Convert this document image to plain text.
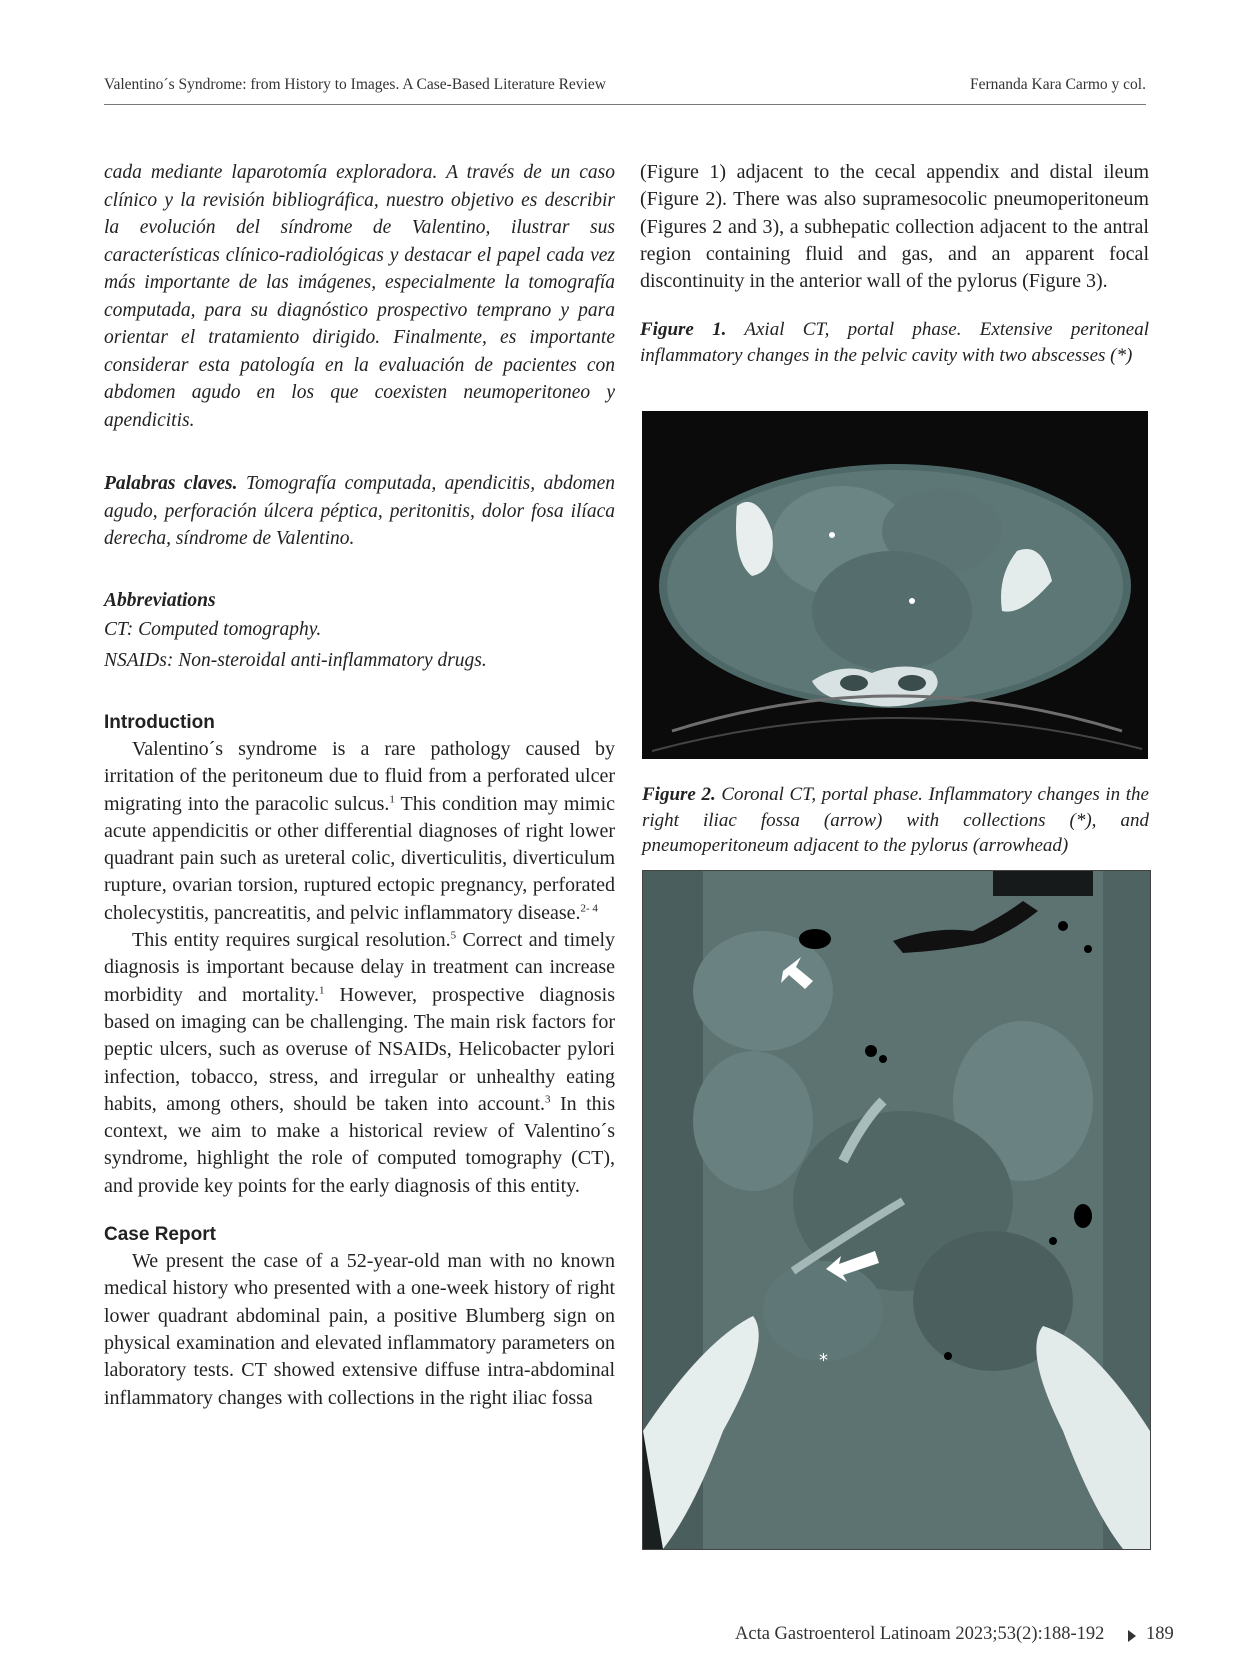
Valentino´s Syndrome: from History to Images. A Case-Based Literature Review	Fernanda Kara Carmo y col.

cada mediante laparotomía exploradora. A través de un caso clínico y la revisión bibliográfica, nuestro objetivo es describir la evolución del síndrome de Valentino, ilustrar sus características clínico-radiológicas y destacar el papel cada vez más importante de las imágenes, especialmente la tomografía computada, para su diagnóstico prospectivo temprano y para orientar el tratamiento dirigido. Finalmente, es importante considerar esta patología en la evaluación de pacientes con abdomen agudo en los que coexisten neumoperitoneo y apendicitis.

Palabras claves. Tomografía computada, apendicitis, abdomen agudo, perforación úlcera péptica, peritonitis, dolor fosa ilíaca derecha, síndrome de Valentino.

Abbreviations

CT: Computed tomography.

NSAIDs: Non-steroidal anti-inflammatory drugs.

Introduction

Valentino´s syndrome is a rare pathology caused by irritation of the peritoneum due to fluid from a perforated ulcer migrating into the paracolic sulcus.$^1$ This condition may mimic acute appendicitis or other differential diagnoses of right lower quadrant pain such as ureteral colic, diverticulitis, diverticulum rupture, ovarian torsion, ruptured ectopic pregnancy, perforated cholecystitis, pancreatitis, and pelvic inflammatory disease.$^{2- 4}$

This entity requires surgical resolution.$^5$ Correct and timely diagnosis is important because delay in treatment can increase morbidity and mortality.$^1$ However, prospective diagnosis based on imaging can be challenging. The main risk factors for peptic ulcers, such as overuse of NSAIDs, Helicobacter pylori infection, tobacco, stress, and irregular or unhealthy eating habits, among others, should be taken into account.$^3$ In this context, we aim to make a historical review of Valentino´s syndrome, highlight the role of computed tomography (CT), and provide key points for the early diagnosis of this entity.

Case Report

We present the case of a 52-year-old man with no known medical history who presented with a one-week history of right lower quadrant abdominal pain, a positive Blumberg sign on physical examination and elevated inflammatory parameters on laboratory tests. CT showed extensive diffuse intra-abdominal inflammatory changes with collections in the right iliac fossa

(Figure 1) adjacent to the cecal appendix and distal ileum (Figure 2). There was also supramesocolic pneumoperitoneum (Figures 2 and 3), a subhepatic collection adjacent to the antral region containing fluid and gas, and an apparent focal discontinuity in the anterior wall of the pylorus (Figure 3).

Figure 1. Axial CT, portal phase. Extensive peritoneal inflammatory changes in the pelvic cavity with two abscesses (*)

Figure 2. Coronal CT, portal phase. Inflammatory changes in the right iliac fossa (arrow) with collections (*), and pneumoperitoneum adjacent to the pylorus (arrowhead)

*
Acta Gastroenterol Latinoam 2023;53(2):188-192 189
